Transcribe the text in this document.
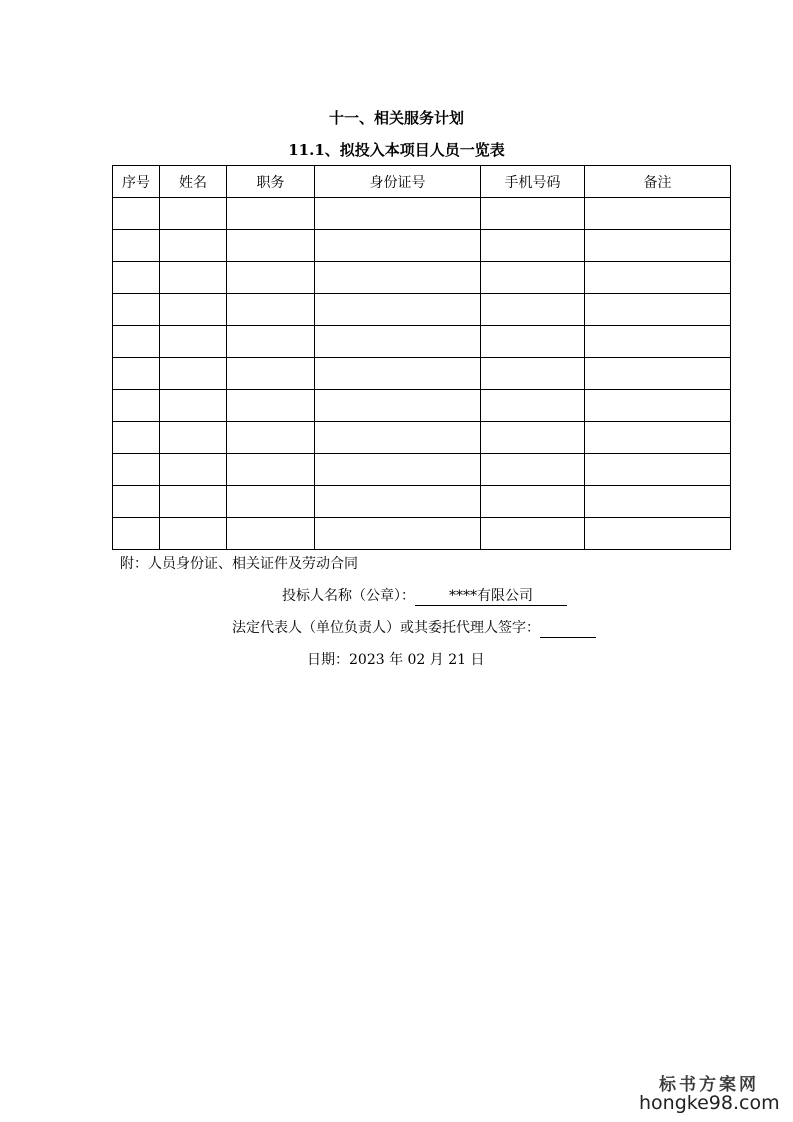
十一、相关服务计划
11.1、拟投入本项目人员一览表
序号	姓名	职务	身份证号	手机号码	备注

附：人员身份证、相关证件及劳动合同
投标人名称（公章）： ****有限公司
法定代表人（单位负责人）或其委托代理人签字：
日期：2023 年 02 月 21 日
标书方案网
hongke98.com
